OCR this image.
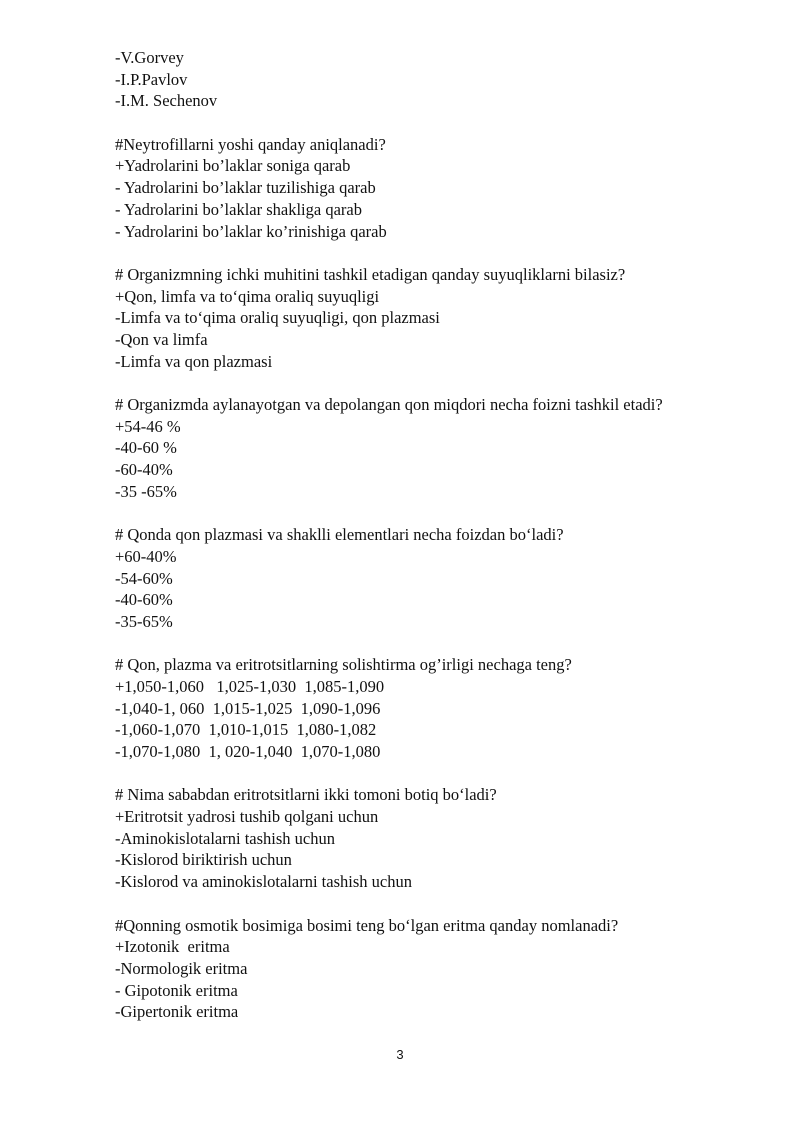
-V.Gorvey
-I.P.Pavlov
-I.M. Sechenov
#Neytrofillarni yoshi qanday aniqlanadi?
+Yadrolarini bo’laklar soniga qarab
- Yadrolarini bo’laklar tuzilishiga qarab
- Yadrolarini bo’laklar shakliga qarab
- Yadrolarini bo’laklar ko’rinishiga qarab
# Organizmning ichki muhitini tashkil etadigan qanday suyuqliklarni bilasiz?
+Qon, limfa va to‘qima oraliq suyuqligi
-Limfa va to‘qima oraliq suyuqligi, qon plazmasi
-Qon va limfa
-Limfa va qon plazmasi
# Organizmda aylanayotgan va depolangan qon miqdori necha foizni tashkil etadi?
+54-46 %
-40-60 %
-60-40%
-35 -65%
# Qonda qon plazmasi va shaklli elementlari necha foizdan bo‘ladi?
+60-40%
-54-60%
-40-60%
-35-65%
# Qon, plazma va eritrotsitlarning solishtirma og’irligi nechaga teng?
+1,050-1,060   1,025-1,030  1,085-1,090
-1,040-1, 060  1,015-1,025  1,090-1,096
-1,060-1,070  1,010-1,015  1,080-1,082
-1,070-1,080  1, 020-1,040  1,070-1,080
# Nima sababdan eritrotsitlarni ikki tomoni botiq bo‘ladi?
+Eritrotsit yadrosi tushib qolgani uchun
-Aminokislotalarni tashish uchun
-Kislorod biriktirish uchun
-Kislorod va aminokislotalarni tashish uchun
#Qonning osmotik bosimiga bosimi teng bo‘lgan eritma qanday nomlanadi?
+Izotonik  eritma
-Normologik eritma
- Gipotonik eritma
-Gipertonik eritma
3
